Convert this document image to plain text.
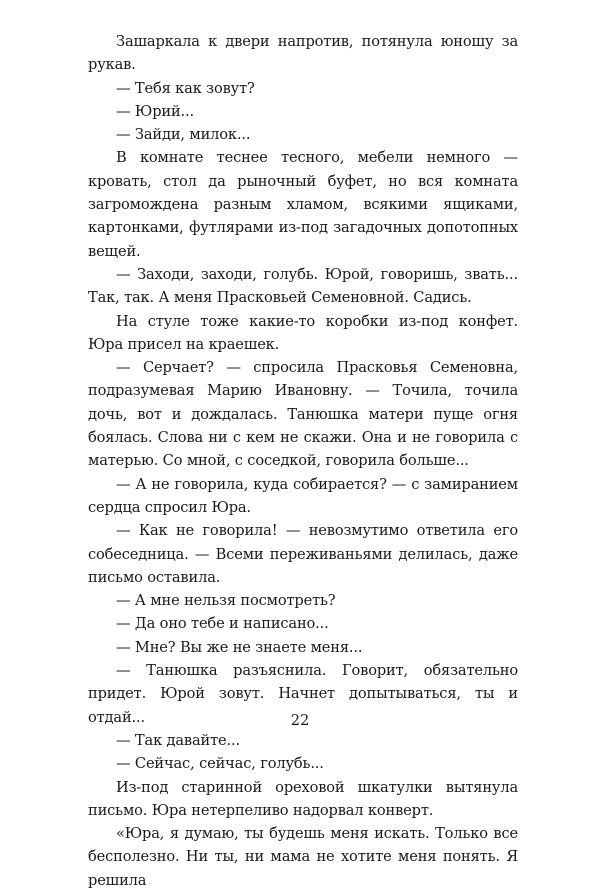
Зашаркала к двери напротив, потянула юношу за рукав.

— Тебя как зовут?

— Юрий...

— Зайди, милок...

В комнате теснее тесного, мебели немного — кровать, стол да рыночный буфет, но вся комната загромождена разным хламом, всякими ящиками, картонками, футлярами из-под загадочных допотопных вещей.

— Заходи, заходи, голубь. Юрой, говоришь, звать... Так, так. А меня Прасковьей Семеновной. Садись.

На стуле тоже какие-то коробки из-под конфет. Юра присел на краешек.

— Серчает? — спросила Прасковья Семеновна, подразумевая Марию Ивановну. — Точила, точила дочь, вот и дождалась. Танюшка матери пуще огня боялась. Слова ни с кем не скажи. Она и не говорила с матерью. Со мной, с соседкой, говорила больше...

— А не говорила, куда собирается? — с замиранием сердца спросил Юра.

— Как не говорила! — невозмутимо ответила его собеседница. — Всеми переживаньями делилась, даже письмо оставила.

— А мне нельзя посмотреть?

— Да оно тебе и написано...

— Мне? Вы же не знаете меня...

— Танюшка разъяснила. Говорит, обязательно придет. Юрой зовут. Начнет допытываться, ты и отдай...

— Так давайте...

— Сейчас, сейчас, голубь...

Из-под старинной ореховой шкатулки вытянула письмо. Юра нетерпеливо надорвал конверт.

«Юра, я думаю, ты будешь меня искать. Только все бесполезно. Ни ты, ни мама не хотите меня понять. Я решила

22
